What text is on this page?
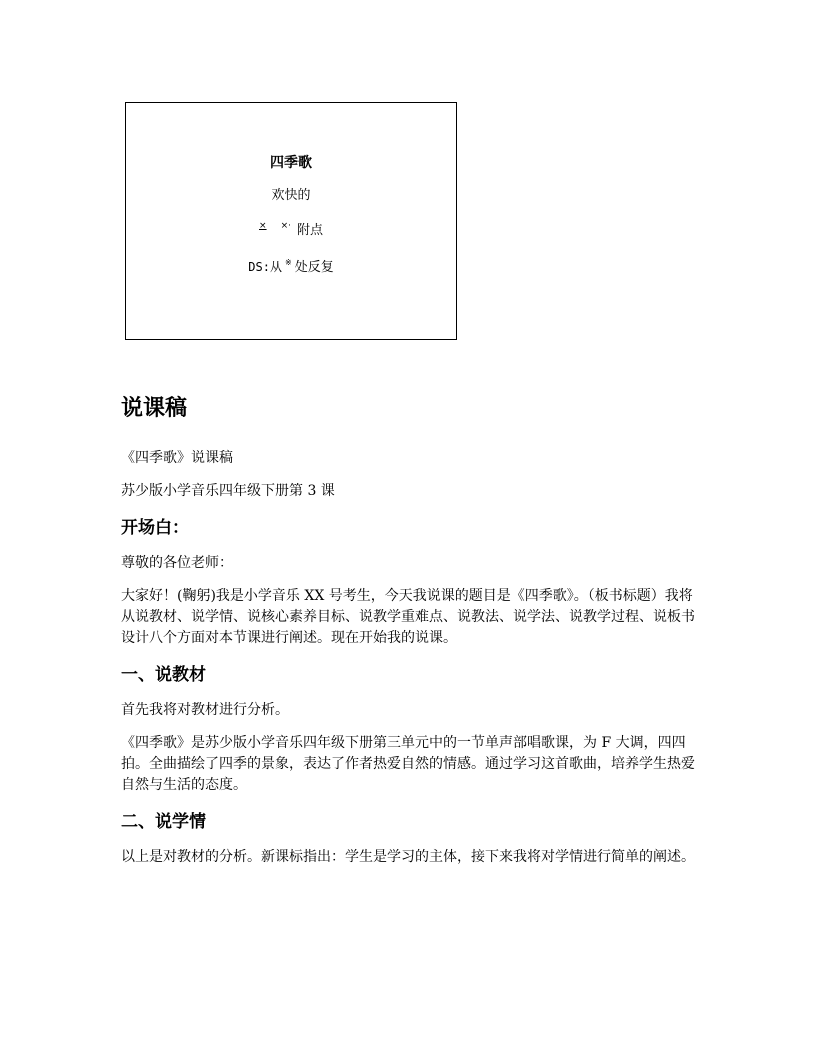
四季歌
欢快的
× ×· 附点
DS:从 ※ 处反复
说课稿

《四季歌》说课稿

苏少版小学音乐四年级下册第 3 课

开场白：

尊敬的各位老师：

大家好！(鞠躬)我是小学音乐 XX 号考生，今天我说课的题目是《四季歌》。（板书标题）我将从说教材、说学情、说核心素养目标、说教学重难点、说教法、说学法、说教学过程、说板书设计八个方面对本节课进行阐述。现在开始我的说课。

一、说教材

首先我将对教材进行分析。

《四季歌》是苏少版小学音乐四年级下册第三单元中的一节单声部唱歌课，为 F 大调，四四拍。全曲描绘了四季的景象，表达了作者热爱自然的情感。通过学习这首歌曲，培养学生热爱自然与生活的态度。

二、说学情

以上是对教材的分析。新课标指出：学生是学习的主体，接下来我将对学情进行简单的阐述。
